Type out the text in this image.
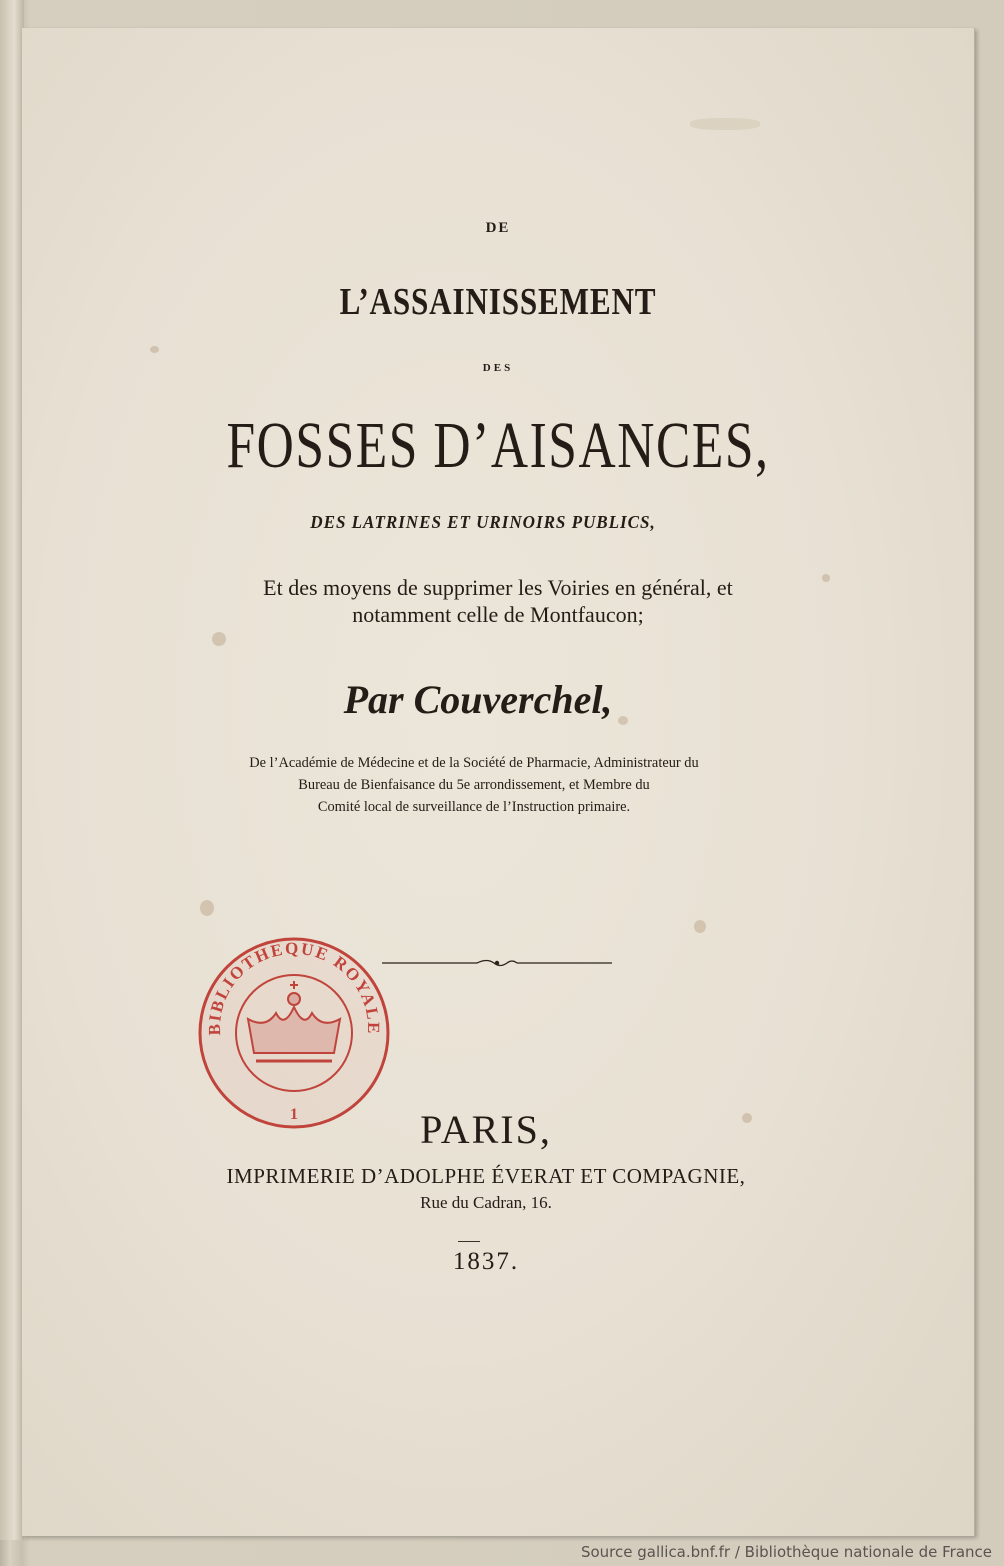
DE
L’ASSAINISSEMENT
DES
FOSSES D’AISANCES,
DES LATRINES ET URINOIRS PUBLICS,
Et des moyens de supprimer les Voiries en général, et
notamment celle de Montfaucon;
Par Couverchel,
De l’Académie de Médecine et de la Société de Pharmacie, Administrateur du
Bureau de Bienfaisance du 5e arrondissement, et Membre du
Comité local de surveillance de l’Instruction primaire.
BIBLIOTHEQUE ROYALE
1	PARIS,
IMPRIMERIE D’ADOLPHE ÉVERAT ET COMPAGNIE,
Rue du Cadran, 16.
1837.
Source gallica.bnf.fr / Bibliothèque nationale de France
